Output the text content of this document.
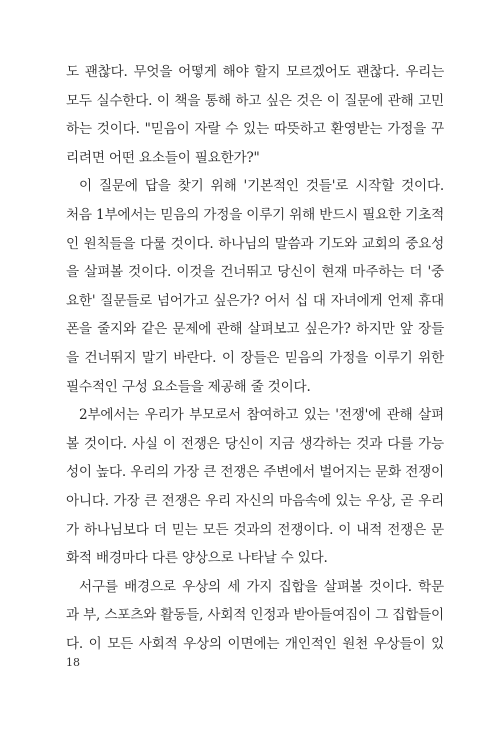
도 괜찮다. 무엇을 어떻게 해야 할지 모르겠어도 괜찮다. 우리는
모두 실수한다. 이 책을 통해 하고 싶은 것은 이 질문에 관해 고민
하는 것이다. "믿음이 자랄 수 있는 따뜻하고 환영받는 가정을 꾸
리려면 어떤 요소들이 필요한가?"
이 질문에 답을 찾기 위해 '기본적인 것들'로 시작할 것이다.
처음 1부에서는 믿음의 가정을 이루기 위해 반드시 필요한 기초적
인 원칙들을 다룰 것이다. 하나님의 말씀과 기도와 교회의 중요성
을 살펴볼 것이다. 이것을 건너뛰고 당신이 현재 마주하는 더 '중
요한' 질문들로 넘어가고 싶은가? 어서 십 대 자녀에게 언제 휴대
폰을 줄지와 같은 문제에 관해 살펴보고 싶은가? 하지만 앞 장들
을 건너뛰지 말기 바란다. 이 장들은 믿음의 가정을 이루기 위한
필수적인 구성 요소들을 제공해 줄 것이다.
2부에서는 우리가 부모로서 참여하고 있는 '전쟁'에 관해 살펴
볼 것이다. 사실 이 전쟁은 당신이 지금 생각하는 것과 다를 가능
성이 높다. 우리의 가장 큰 전쟁은 주변에서 벌어지는 문화 전쟁이
아니다. 가장 큰 전쟁은 우리 자신의 마음속에 있는 우상, 곧 우리
가 하나님보다 더 믿는 모든 것과의 전쟁이다. 이 내적 전쟁은 문
화적 배경마다 다른 양상으로 나타날 수 있다.
서구를 배경으로 우상의 세 가지 집합을 살펴볼 것이다. 학문
과 부, 스포츠와 활동들, 사회적 인정과 받아들여짐이 그 집합들이
다. 이 모든 사회적 우상의 이면에는 개인적인 원천 우상들이 있
18
